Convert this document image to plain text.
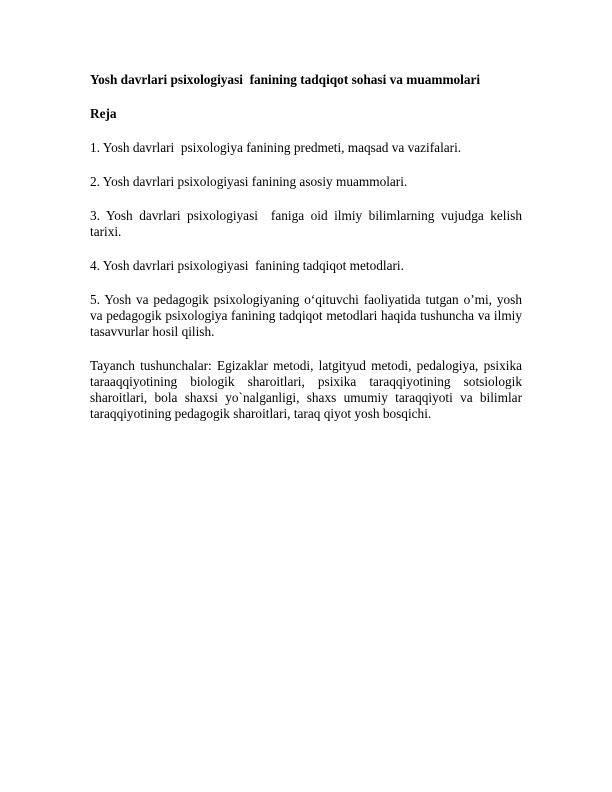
Yosh davrlari psixologiyasi  fanining tadqiqot sohasi va muammolari

Reja

1. Yosh davrlari  psixologiya fanining predmeti, maqsad va vazifalari.

2. Yosh davrlari psixologiyasi fanining asosiy muammolari.

3. Yosh davrlari psixologiyasi  faniga oid ilmiy bilimlarning vujudga kelish tarixi.

4. Yosh davrlari psixologiyasi  fanining tadqiqot metodlari.

5. Yosh va pedagogik psixologiyaning o‘qituvchi faoliyatida tutgan o’mi, yosh va pedagogik psixologiya fanining tadqiqot metodlari haqida tushuncha va ilmiy tasavvurlar hosil qilish.

Tayanch tushunchalar: Egizaklar metodi, latgityud metodi, pedalogiya, psixika taraaqqiyotining biologik sharoitlari, psixika taraqqiyotining sotsiologik sharoitlari, bola shaxsi yo`nalganligi, shaxs umumiy taraqqiyoti va bilimlar taraqqiyotining pedagogik sharoitlari, taraq qiyot yosh bosqichi.
